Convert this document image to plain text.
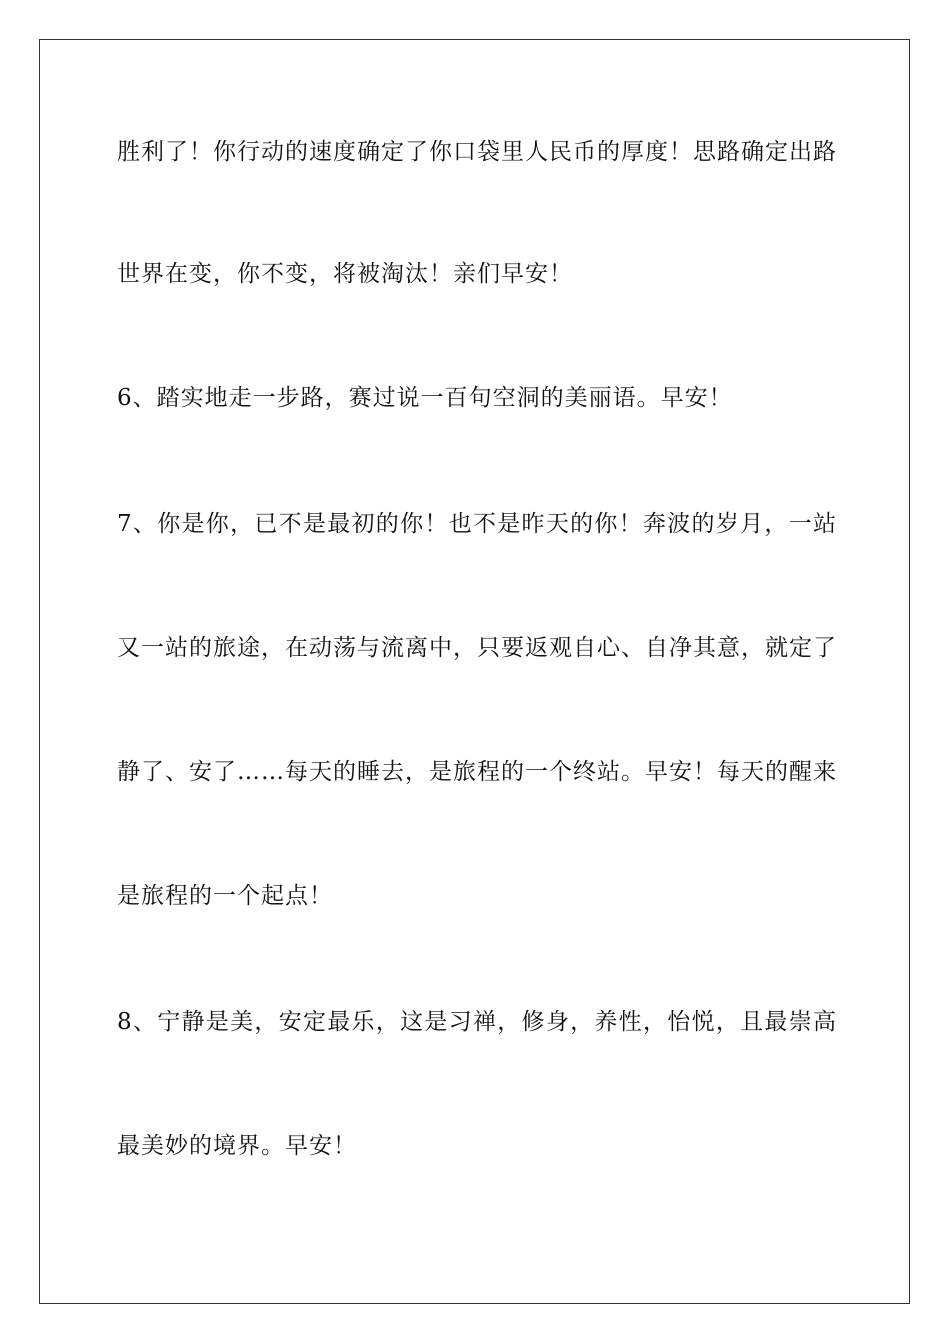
胜利了！你行动的速度确定了你口袋里人民币的厚度！思路确定出路
世界在变，你不变，将被淘汰！亲们早安！
6、踏实地走一步路，赛过说一百句空洞的美丽语。早安！
7、你是你，已不是最初的你！也不是昨天的你！奔波的岁月，一站
又一站的旅途，在动荡与流离中，只要返观自心、自净其意，就定了
静了、安了……每天的睡去，是旅程的一个终站。早安！每天的醒来
是旅程的一个起点！
8、宁静是美，安定最乐，这是习禅，修身，养性，怡悦，且最崇高
最美妙的境界。早安！
